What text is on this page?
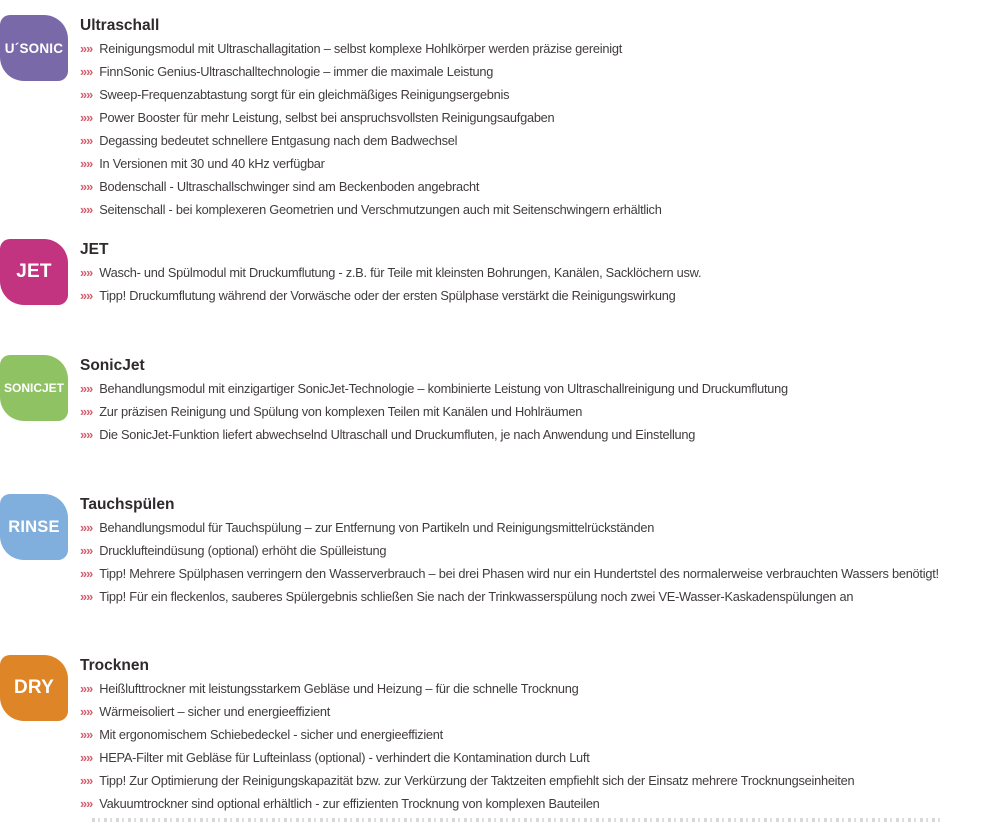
U´SONIC
Ultraschall
»» Reinigungsmodul mit Ultraschallagitation – selbst komplexe Hohlkörper werden präzise gereinigt
»» FinnSonic Genius-Ultraschalltechnologie – immer die maximale Leistung
»» Sweep-Frequenzabtastung sorgt für ein gleichmäßiges Reinigungsergebnis
»» Power Booster für mehr Leistung, selbst bei anspruchsvollsten Reinigungsaufgaben
»» Degassing bedeutet schnellere Entgasung nach dem Badwechsel
»» In Versionen mit 30 und 40 kHz verfügbar
»» Bodenschall - Ultraschallschwinger sind am Beckenboden angebracht
»» Seitenschall - bei komplexeren Geometrien und Verschmutzungen auch mit Seitenschwingern erhältlich
JET
JET
»» Wasch- und Spülmodul mit Druckumflutung - z.B. für Teile mit kleinsten Bohrungen, Kanälen, Sacklöchern usw.
»» Tipp! Druckumflutung während der Vorwäsche oder der ersten Spülphase verstärkt die Reinigungswirkung
SONICJET
SonicJet
»» Behandlungsmodul mit einzigartiger SonicJet-Technologie – kombinierte Leistung von Ultraschallreinigung und Druckumflutung
»» Zur präzisen Reinigung und Spülung von komplexen Teilen mit Kanälen und Hohlräumen
»» Die SonicJet-Funktion liefert abwechselnd Ultraschall und Druckumfluten, je nach Anwendung und Einstellung
RINSE
Tauchspülen
»» Behandlungsmodul für Tauchspülung – zur Entfernung von Partikeln und Reinigungsmittelrückständen
»» Drucklufteindüsung (optional) erhöht die Spülleistung
»» Tipp! Mehrere Spülphasen verringern den Wasserverbrauch – bei drei Phasen wird nur ein Hundertstel des normalerweise verbrauchten Wassers benötigt!
»» Tipp! Für ein fleckenlos, sauberes Spülergebnis schließen Sie nach der Trinkwasserspülung noch zwei VE-Wasser-Kaskadenspülungen an
DRY
Trocknen
»» Heißlufttrockner mit leistungsstarkem Gebläse und Heizung – für die schnelle Trocknung
»» Wärmeisoliert – sicher und energieeffizient
»» Mit ergonomischem Schiebedeckel - sicher und energieeffizient
»» HEPA-Filter mit Gebläse für Lufteinlass (optional) - verhindert die Kontamination durch Luft
»» Tipp! Zur Optimierung der Reinigungskapazität bzw. zur Verkürzung der Taktzeiten empfiehlt sich der Einsatz mehrere Trocknungseinheiten
»» Vakuumtrockner sind optional erhältlich - zur effizienten Trocknung von komplexen Bauteilen
